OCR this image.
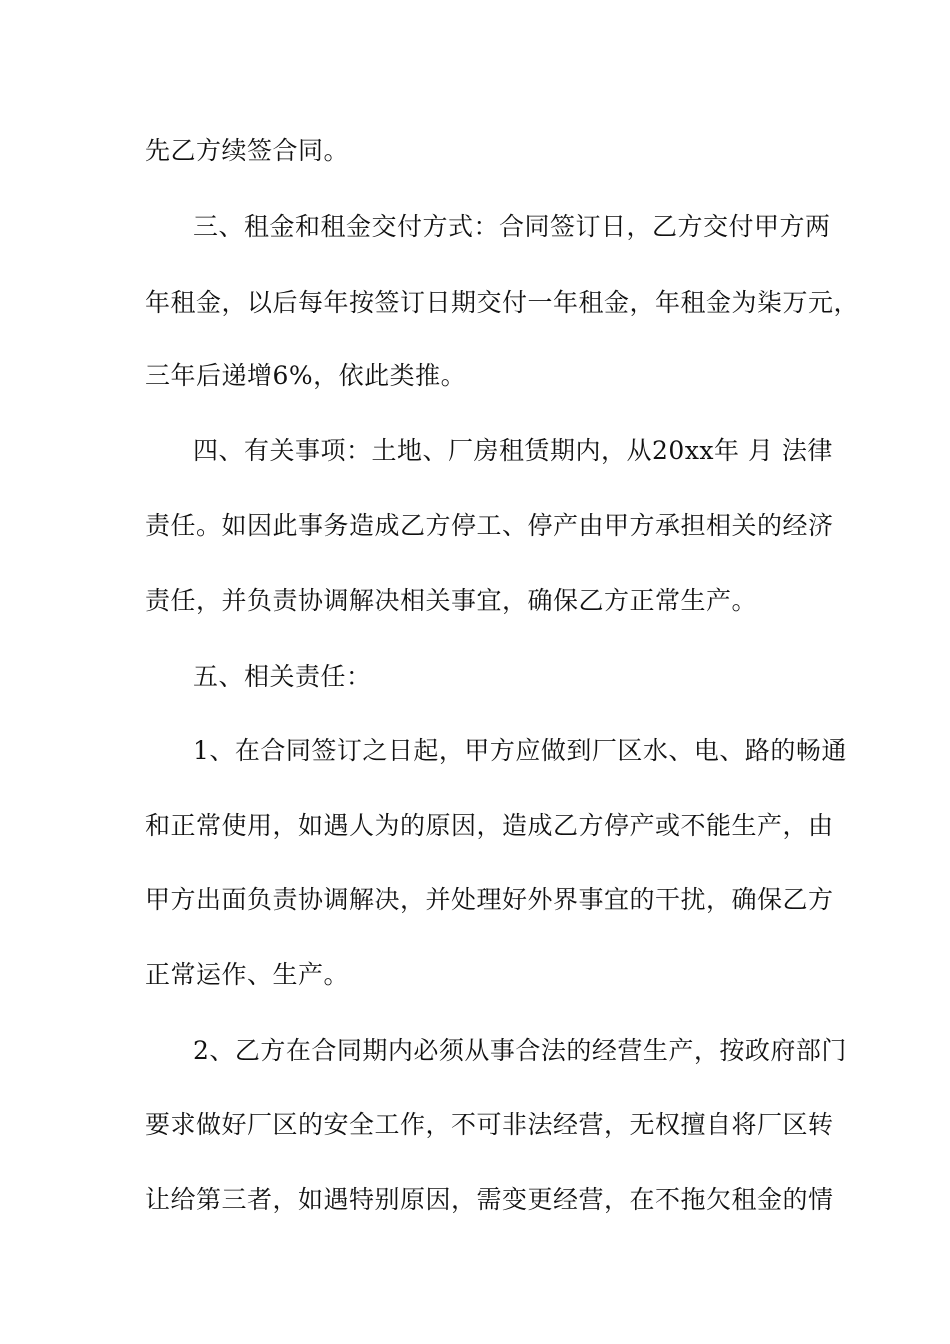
先乙方续签合同。
三、租金和租金交付方式：合同签订日，乙方交付甲方两
年租金，以后每年按签订日期交付一年租金，年租金为柒万元，
三年后递增6%，依此类推。
四、有关事项：土地、厂房租赁期内，从20xx年 月 法律
责任。如因此事务造成乙方停工、停产由甲方承担相关的经济
责任，并负责协调解决相关事宜，确保乙方正常生产。
五、相关责任：
1、在合同签订之日起，甲方应做到厂区水、电、路的畅通
和正常使用，如遇人为的原因，造成乙方停产或不能生产，由
甲方出面负责协调解决，并处理好外界事宜的干扰，确保乙方
正常运作、生产。
2、乙方在合同期内必须从事合法的经营生产，按政府部门
要求做好厂区的安全工作，不可非法经营，无权擅自将厂区转
让给第三者，如遇特别原因，需变更经营，在不拖欠租金的情
